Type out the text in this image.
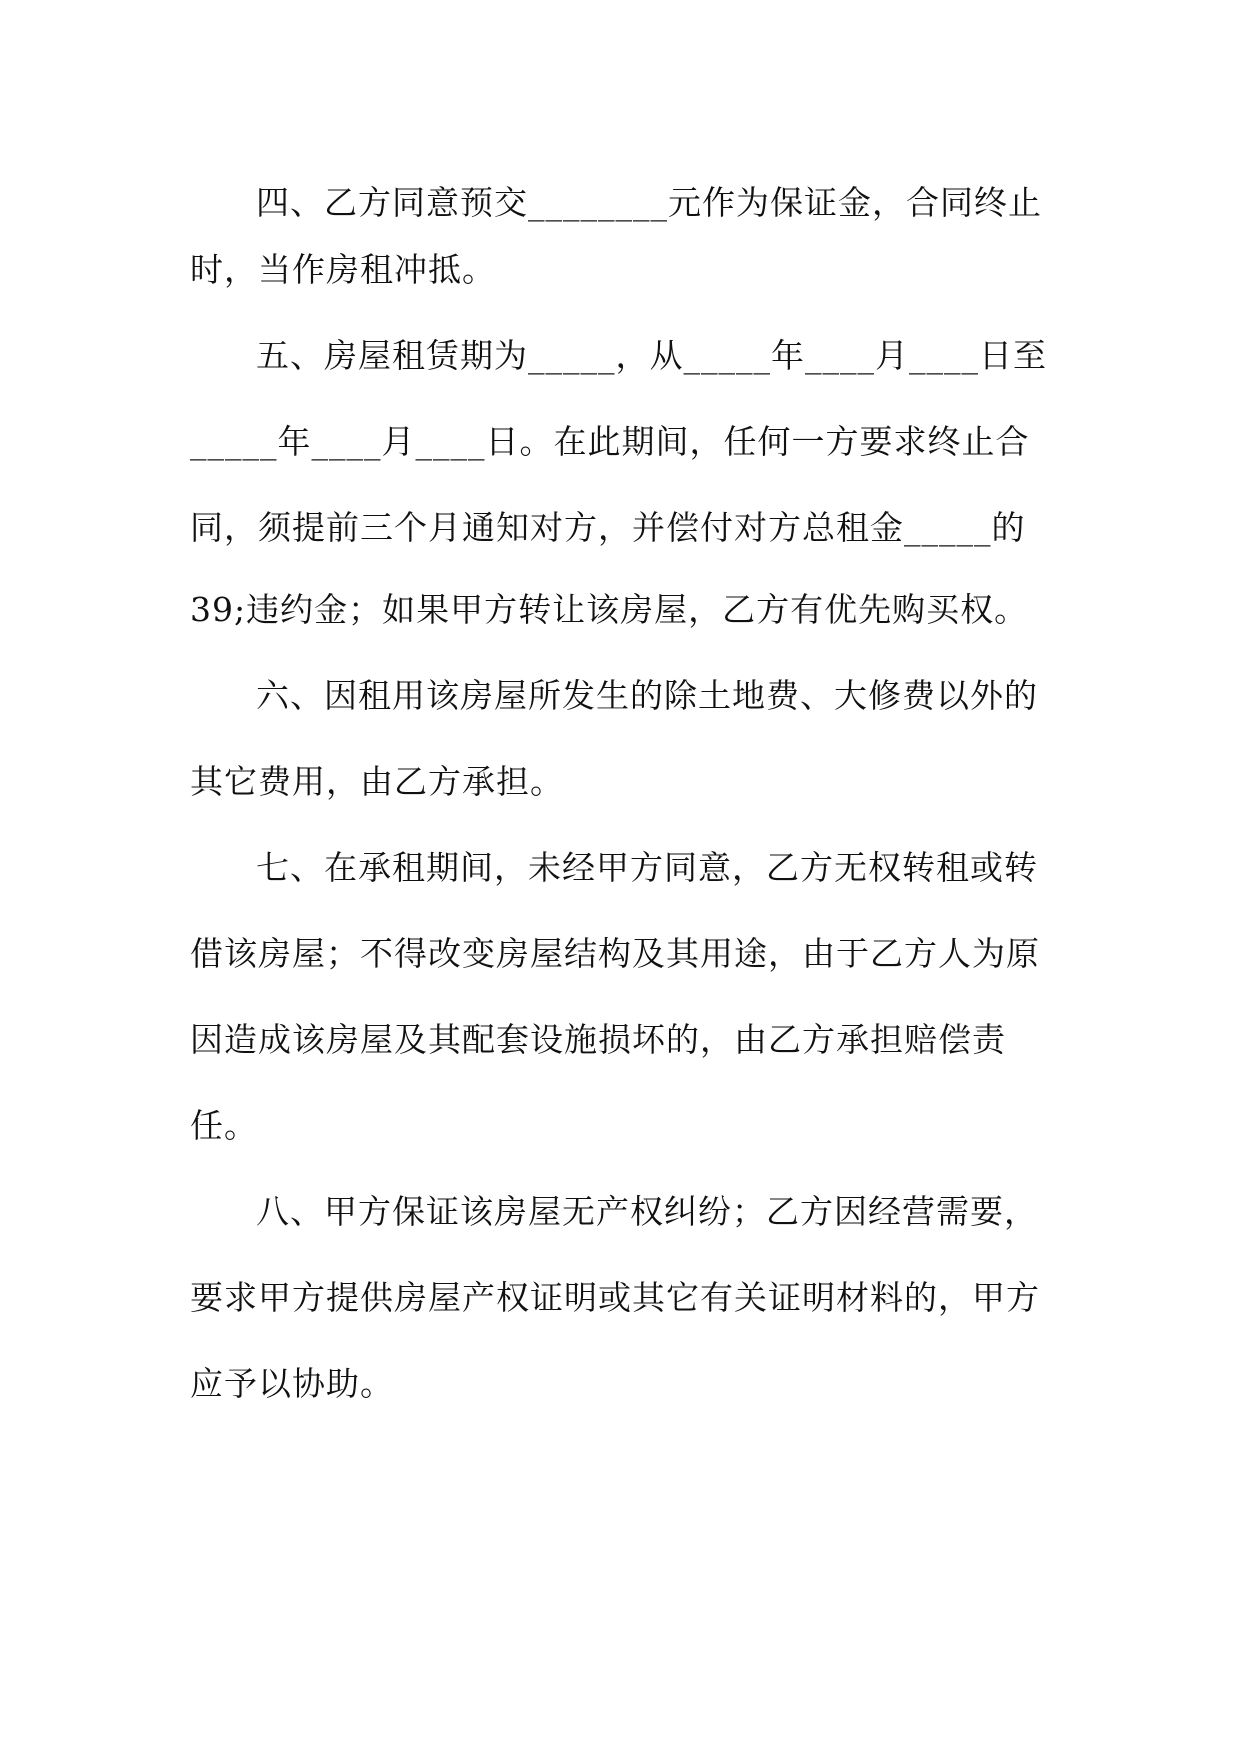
四、乙方同意预交________元作为保证金，合同终止
时，当作房租冲抵。
五、房屋租赁期为_____，从_____年____月____日至
_____年____月____日。在此期间，任何一方要求终止合
同，须提前三个月通知对方，并偿付对方总租金_____的
39;违约金；如果甲方转让该房屋，乙方有优先购买权。
六、因租用该房屋所发生的除土地费、大修费以外的
其它费用，由乙方承担。
七、在承租期间，未经甲方同意，乙方无权转租或转
借该房屋；不得改变房屋结构及其用途，由于乙方人为原
因造成该房屋及其配套设施损坏的，由乙方承担赔偿责
任。
八、甲方保证该房屋无产权纠纷；乙方因经营需要，
要求甲方提供房屋产权证明或其它有关证明材料的，甲方
应予以协助。
